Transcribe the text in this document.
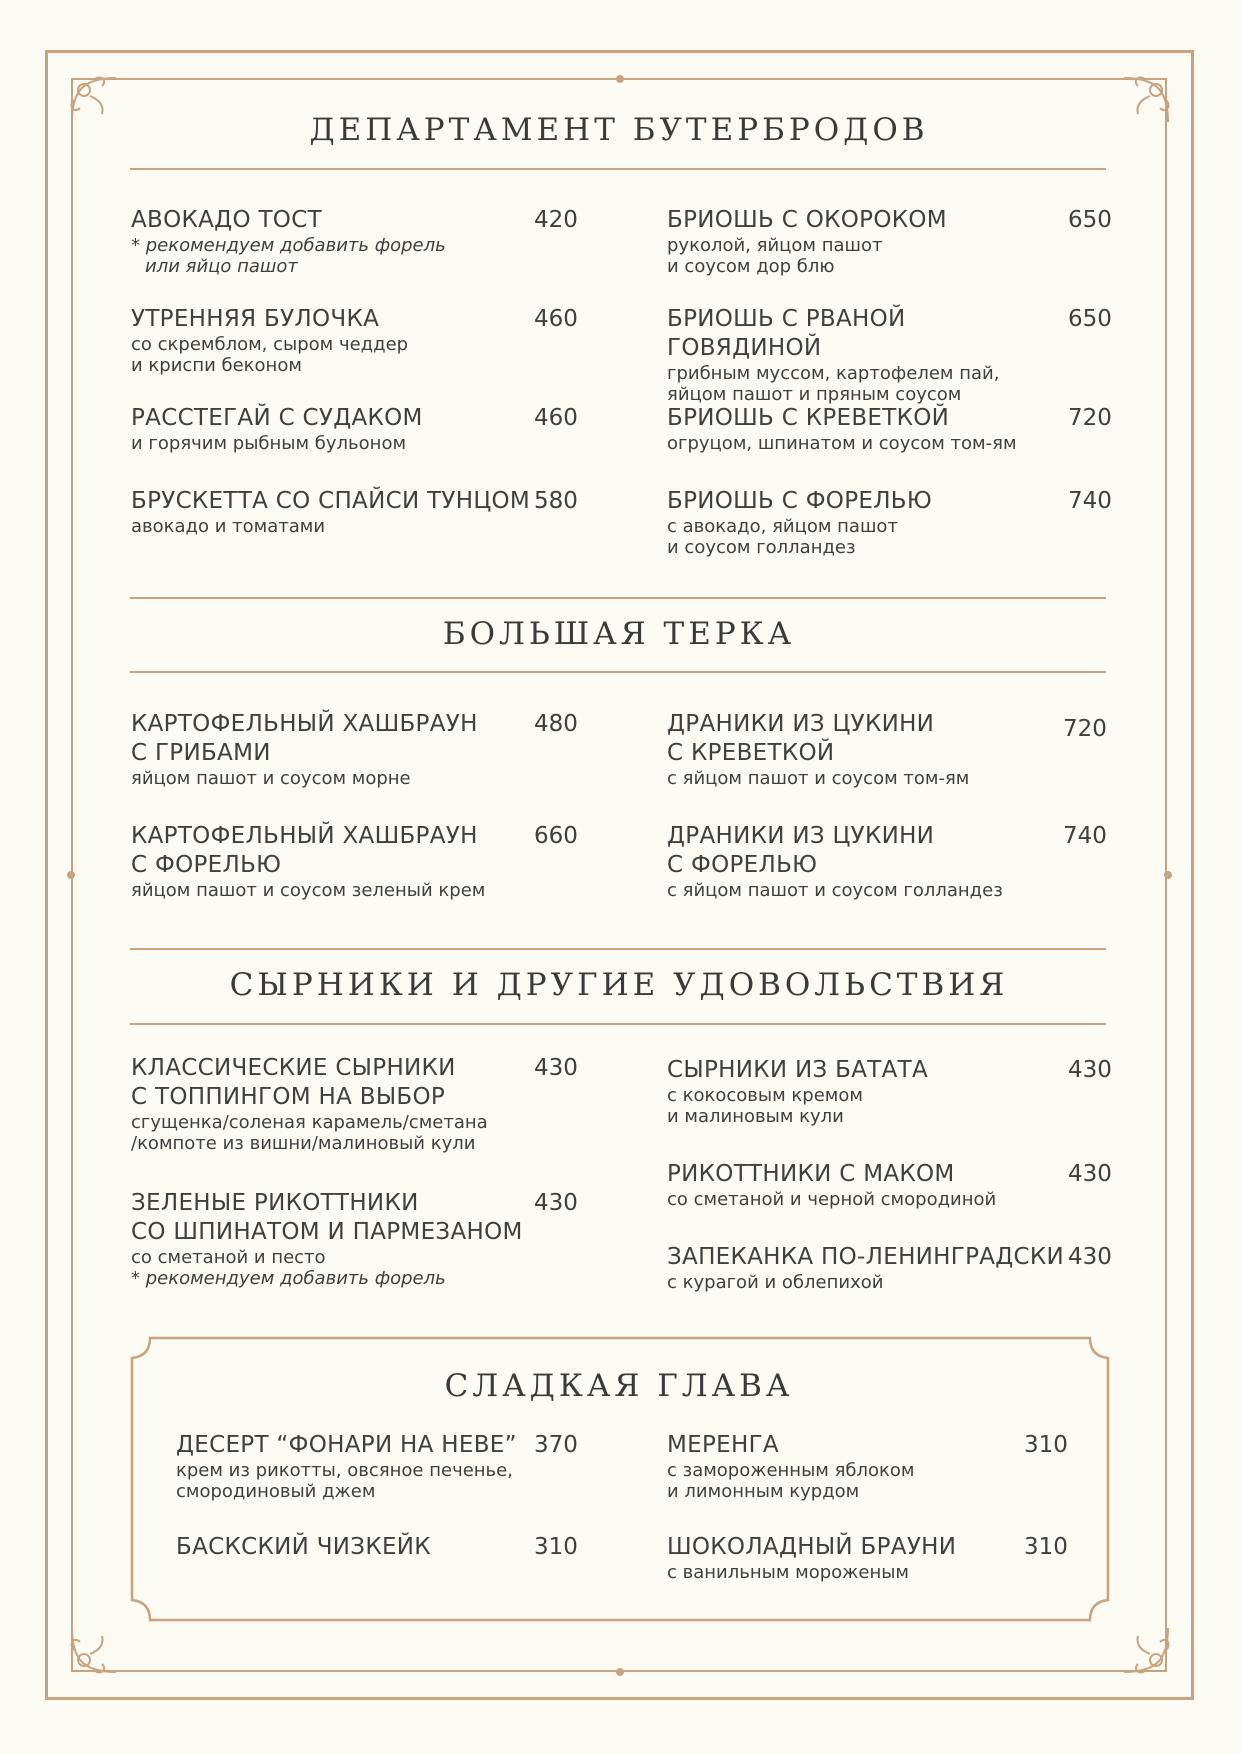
ДЕПАРТАМЕНТ БУТЕРБРОДОВ
АВОКАДО ТОСТ
* рекомендуем добавить форель
или яйцо пашот
420
УТРЕННЯЯ БУЛОЧКА
со скремблом, сыром чеддер
и криспи беконом
460
РАССТЕГАЙ С СУДАКОМ
и горячим рыбным бульоном
460
БРУСКЕТТА СО СПАЙСИ ТУНЦОМ
авокадо и томатами
580
БРИОШЬ С ОКОРОКОМ
руколой, яйцом пашот
и соусом дор блю
650
БРИОШЬ С РВАНОЙ ГОВЯДИНОЙ
грибным муссом, картофелем пай,
яйцом пашот и пряным соусом
650
БРИОШЬ С КРЕВЕТКОЙ
огруцом, шпинатом и соусом том-ям
720
БРИОШЬ С ФОРЕЛЬЮ
с авокадо, яйцом пашот
и соусом голландез
740
БОЛЬШАЯ ТЕРКА
КАРТОФЕЛЬНЫЙ ХАШБРАУН
С ГРИБАМИ
яйцом пашот и соусом морне
480
КАРТОФЕЛЬНЫЙ ХАШБРАУН
С ФОРЕЛЬЮ
яйцом пашот и соусом зеленый крем
660
ДРАНИКИ ИЗ ЦУКИНИ
С КРЕВЕТКОЙ
с яйцом пашот и соусом том-ям
720
ДРАНИКИ ИЗ ЦУКИНИ
С ФОРЕЛЬЮ
с яйцом пашот и соусом голландез
740
СЫРНИКИ И ДРУГИЕ УДОВОЛЬСТВИЯ
КЛАССИЧЕСКИЕ СЫРНИКИ
С ТОППИНГОМ НА ВЫБОР
сгущенка/соленая карамель/сметана
/компоте из вишни/малиновый кули
430
ЗЕЛЕНЫЕ РИКОТТНИКИ
СО ШПИНАТОМ И ПАРМЕЗАНОМ
со сметаной и песто
* рекомендуем добавить форель
430
СЫРНИКИ ИЗ БАТАТА
с кокосовым кремом
и малиновым кули
430
РИКОТТНИКИ С МАКОМ
со сметаной и черной смородиной
430
ЗАПЕКАНКА ПО-ЛЕНИНГРАДСКИ
с курагой и облепихой
430
СЛАДКАЯ ГЛАВА
ДЕСЕРТ “ФОНАРИ НА НЕВЕ”
крем из рикотты, овсяное печенье,
смородиновый джем
370
БАСКСКИЙ ЧИЗКЕЙК	310
МЕРЕНГА
с замороженным яблоком
и лимонным курдом
310
ШОКОЛАДНЫЙ БРАУНИ
с ванильным мороженым
310
